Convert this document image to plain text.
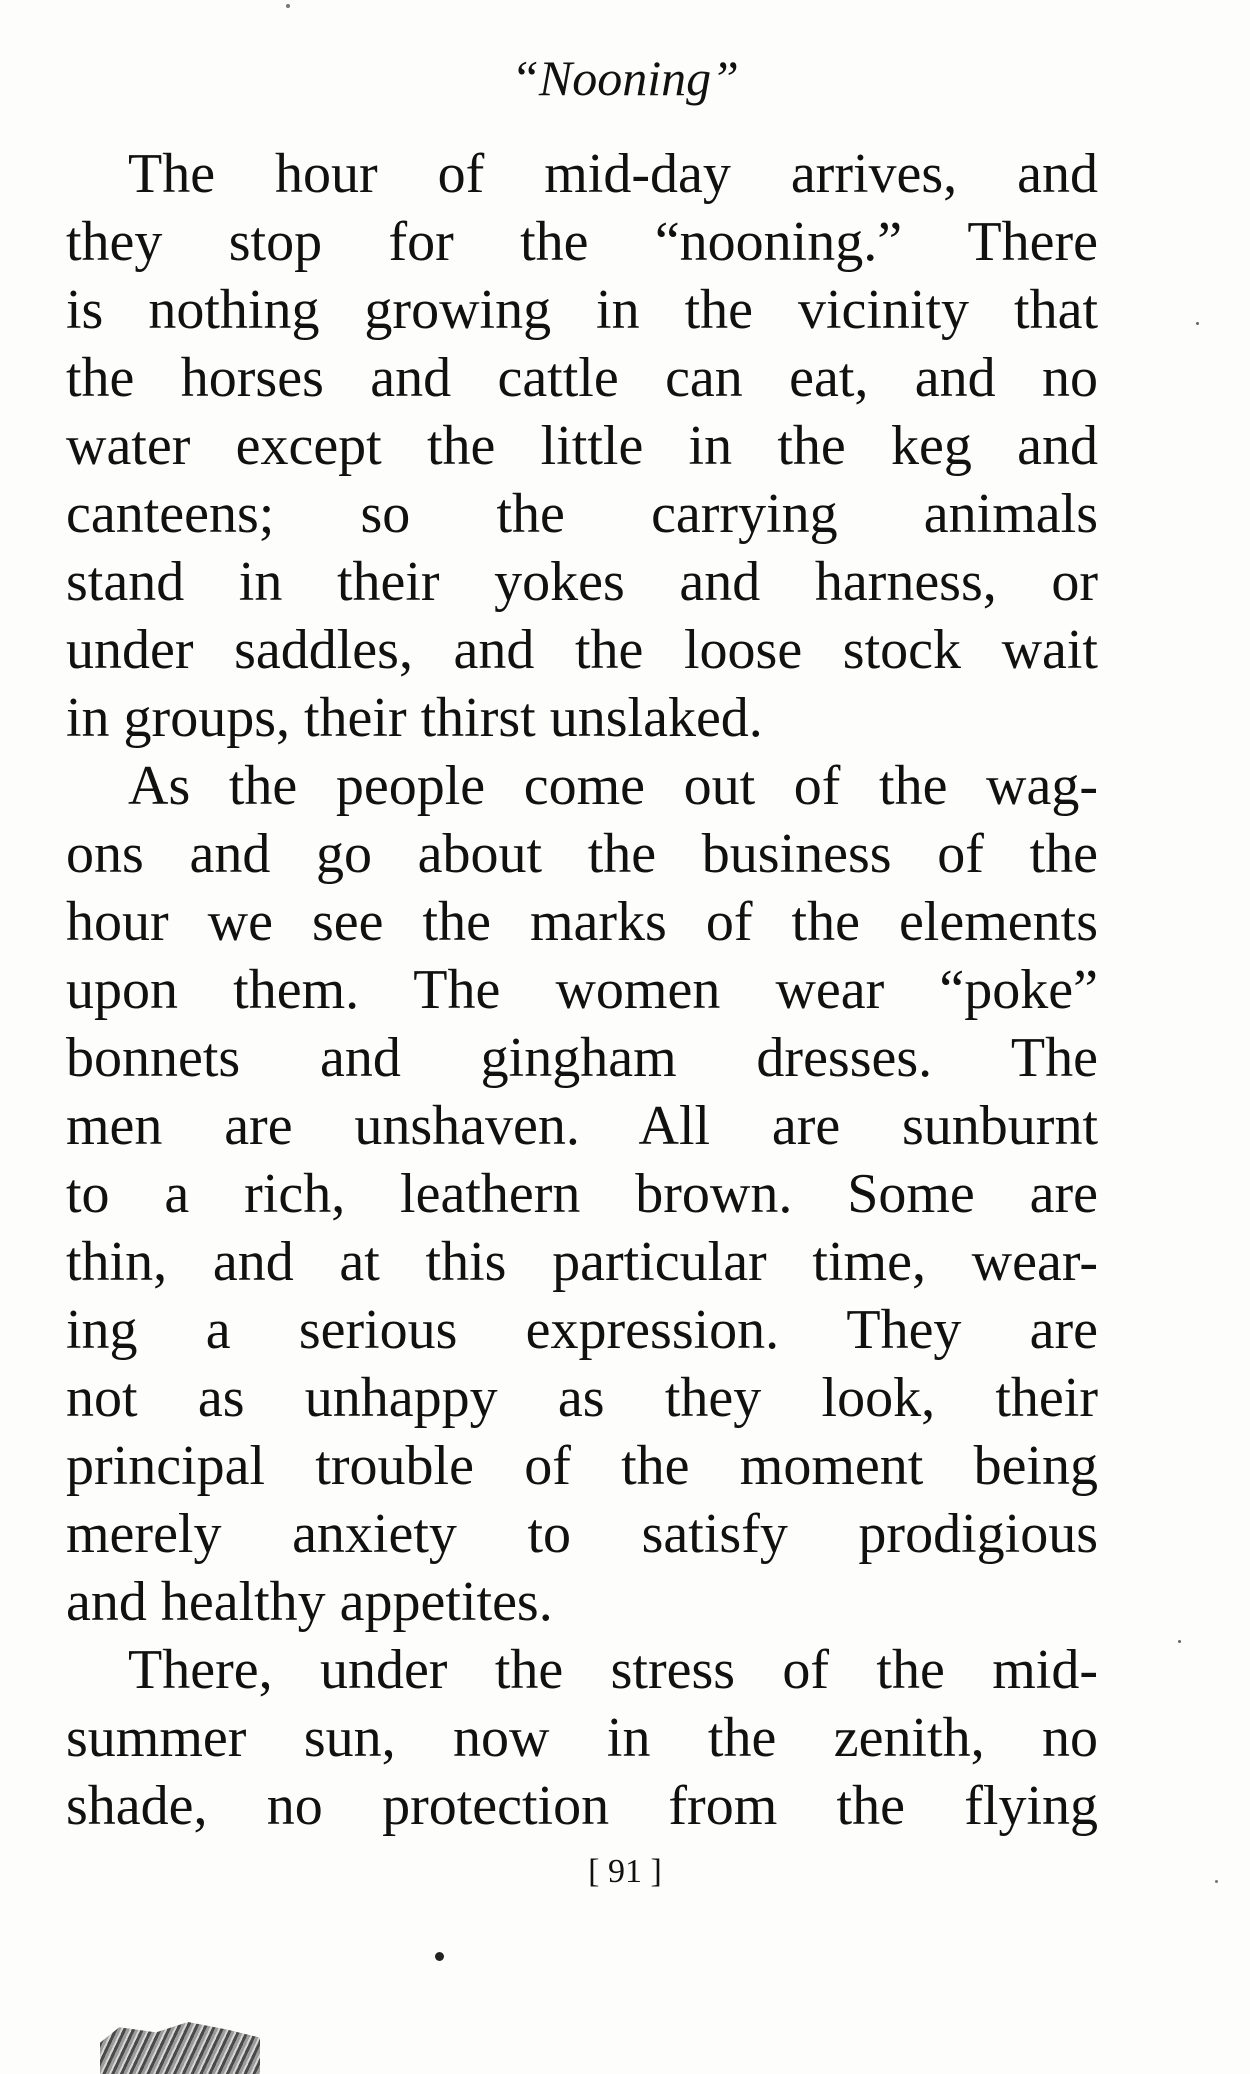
“Nooning”
The hour of mid-day arrives, and
they stop for the “nooning.” There
is nothing growing in the vicinity that
the horses and cattle can eat, and no
water except the little in the keg and
canteens; so the carrying animals
stand in their yokes and harness, or
under saddles, and the loose stock wait
in groups, their thirst unslaked.
As the people come out of the wag-
ons and go about the business of the
hour we see the marks of the elements
upon them. The women wear “poke”
bonnets and gingham dresses. The
men are unshaven. All are sunburnt
to a rich, leathern brown. Some are
thin, and at this particular time, wear-
ing a serious expression. They are
not as unhappy as they look, their
principal trouble of the moment being
merely anxiety to satisfy prodigious
and healthy appetites.
There, under the stress of the mid-
summer sun, now in the zenith, no
shade, no protection from the flying
[ 91 ]
